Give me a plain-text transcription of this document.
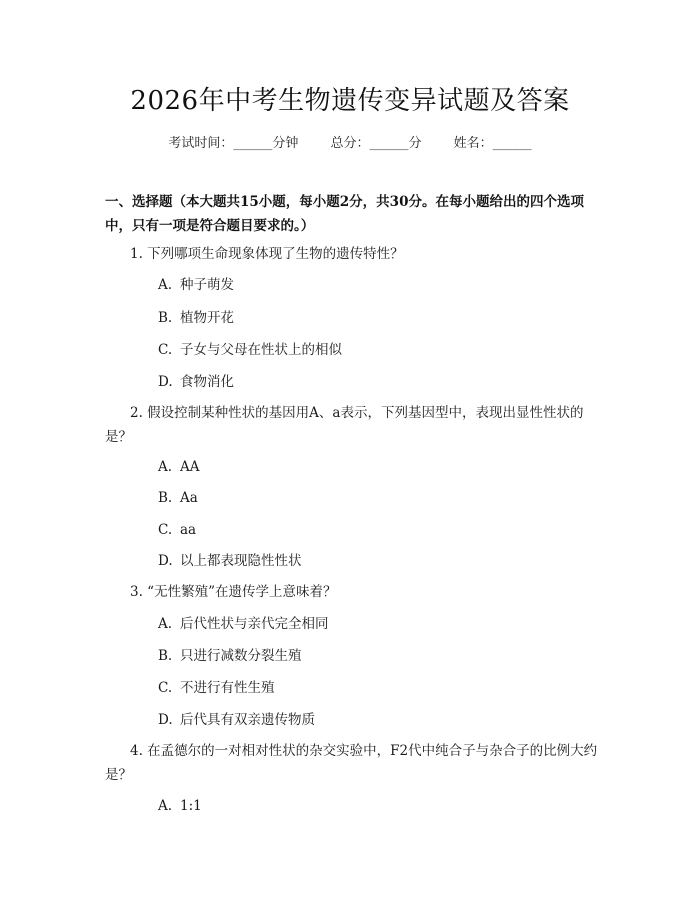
2026年中考生物遗传变异试题及答案
考试时间：______分钟 总分：______分 姓名：______
一、选择题（本大题共15小题，每小题2分，共30分。在每小题给出的四个选项中，只有一项是符合题目要求的。）
1. 下列哪项生命现象体现了生物的遗传特性？
A. 种子萌发
B. 植物开花
C. 子女与父母在性状上的相似
D. 食物消化
2. 假设控制某种性状的基因用A、a表示，下列基因型中，表现出显性性状的是？
A. AA
B. Aa
C. aa
D. 以上都表现隐性性状
3. “无性繁殖”在遗传学上意味着？
A. 后代性状与亲代完全相同
B. 只进行减数分裂生殖
C. 不进行有性生殖
D. 后代具有双亲遗传物质
4. 在孟德尔的一对相对性状的杂交实验中，F2代中纯合子与杂合子的比例大约是？
A. 1:1
